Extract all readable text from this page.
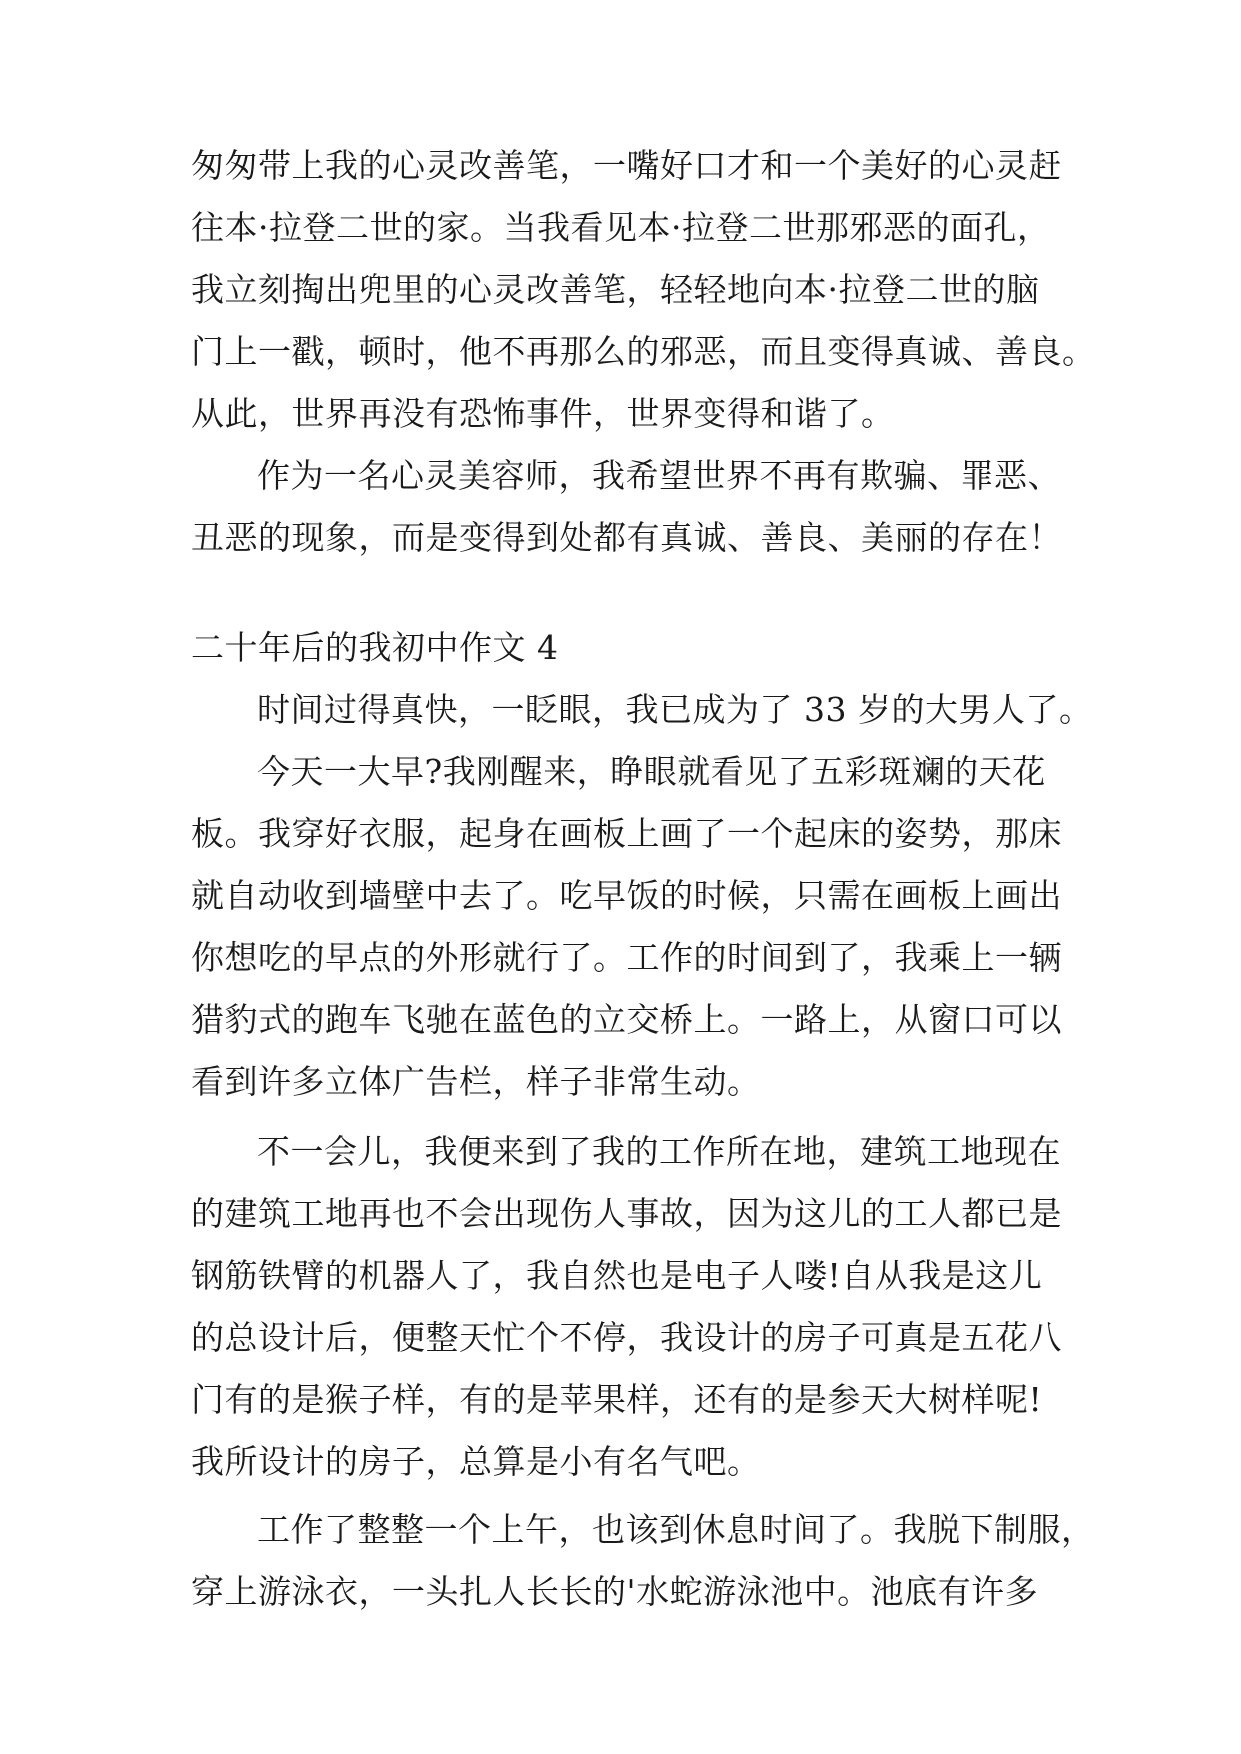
匆匆带上我的心灵改善笔，一嘴好口才和一个美好的心灵赶
往本·拉登二世的家。当我看见本·拉登二世那邪恶的面孔，
我立刻掏出兜里的心灵改善笔，轻轻地向本·拉登二世的脑
门上一戳，顿时，他不再那么的邪恶，而且变得真诚、善良。
从此，世界再没有恐怖事件，世界变得和谐了。
作为一名心灵美容师，我希望世界不再有欺骗、罪恶、
丑恶的现象，而是变得到处都有真诚、善良、美丽的存在！
二十年后的我初中作文 4
时间过得真快，一眨眼，我已成为了 33 岁的大男人了。
今天一大早?我刚醒来，睁眼就看见了五彩斑斓的天花
板。我穿好衣服，起身在画板上画了一个起床的姿势，那床
就自动收到墙壁中去了。吃早饭的时候，只需在画板上画出
你想吃的早点的外形就行了。工作的时间到了，我乘上一辆
猎豹式的跑车飞驰在蓝色的立交桥上。一路上，从窗口可以
看到许多立体广告栏，样子非常生动。
不一会儿，我便来到了我的工作所在地，建筑工地现在
的建筑工地再也不会出现伤人事故，因为这儿的工人都已是
钢筋铁臂的机器人了，我自然也是电子人喽!自从我是这儿
的总设计后，便整天忙个不停，我设计的房子可真是五花八
门有的是猴子样，有的是苹果样，还有的是参天大树样呢!
我所设计的房子，总算是小有名气吧。
工作了整整一个上午，也该到休息时间了。我脱下制服，
穿上游泳衣，一头扎人长长的'水蛇游泳池中。池底有许多
